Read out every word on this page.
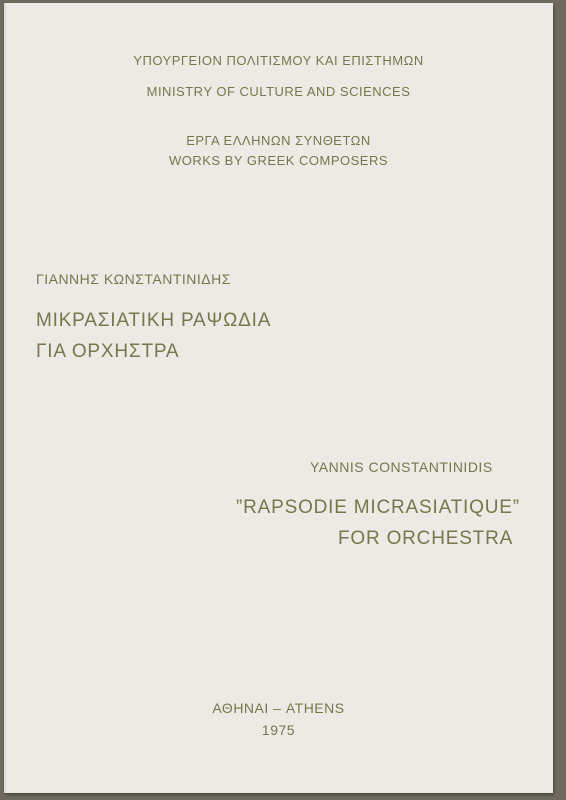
ΥΠΟΥΡΓΕΙΟΝ ΠΟΛΙΤΙΣΜΟΥ ΚΑΙ ΕΠΙΣΤΗΜΩΝ
MINISTRY OF CULTURE AND SCIENCES
ΕΡΓΑ ΕΛΛΗΝΩΝ ΣΥΝΘΕΤΩΝ
WORKS BY GREEK COMPOSERS
ΓΙΑΝΝΗΣ ΚΩΝΣΤΑΝΤΙΝΙΔΗΣ
ΜΙΚΡΑΣΙΑΤΙΚΗ ΡΑΨΩΔΙΑ
ΓΙΑ ΟΡΧΗΣΤΡΑ
YANNIS CONSTANTINIDIS
”RAPSODIE MICRASIATIQUE”
FOR ORCHESTRA
ΑΘΗΝΑΙ – ATHENS
1975
